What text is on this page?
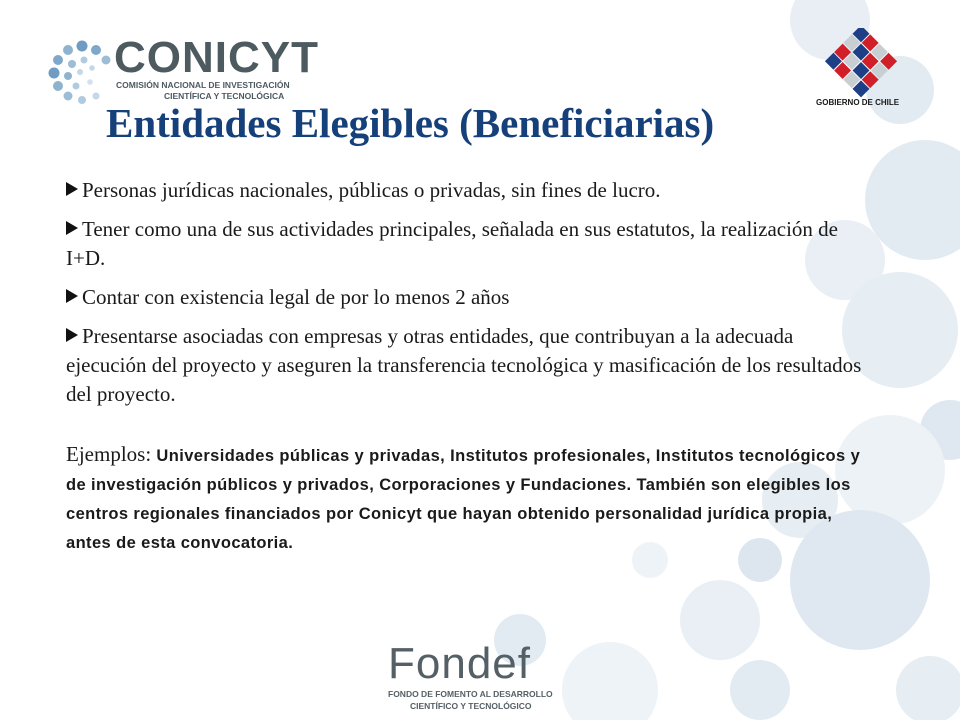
CONICYT
COMISIÓN NACIONAL DE INVESTIGACIÓN
CIENTÍFICA Y TECNOLÓGICA
GOBIERNO DE CHILE
Entidades Elegibles (Beneficiarias)

Personas jurídicas nacionales, públicas o privadas, sin fines de lucro.

Tener como una de sus actividades principales, señalada en sus estatutos, la realización de I+D.

Contar con existencia legal de por lo menos 2 años

Presentarse asociadas con empresas y otras entidades, que contribuyan a la adecuada ejecución del proyecto y aseguren la transferencia tecnológica y masificación de los resultados del proyecto.

Ejemplos: Universidades públicas y privadas, Institutos profesionales, Institutos tecnológicos y de investigación públicos y privados, Corporaciones y Fundaciones. También son elegibles los centros regionales financiados por Conicyt que hayan obtenido personalidad jurídica propia, antes de esta convocatoria.

Fondef
FONDO DE FOMENTO AL DESARROLLO
CIENTÍFICO Y TECNOLÓGICO
